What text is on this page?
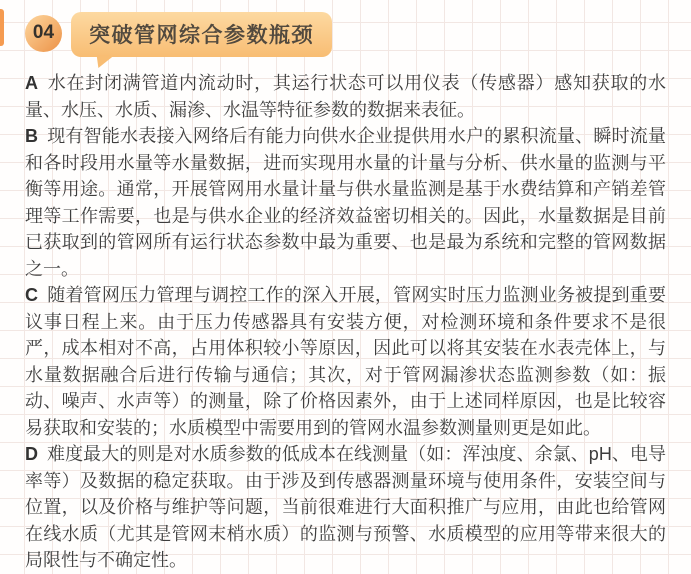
04	突破管网综合参数瓶颈

A 水在封闭满管道内流动时，其运行状态可以用仪表（传感器）感知获取的水量、水压、水质、漏渗、水温等特征参数的数据来表征。

B 现有智能水表接入网络后有能力向供水企业提供用水户的累积流量、瞬时流量和各时段用水量等水量数据，进而实现用水量的计量与分析、供水量的监测与平衡等用途。通常，开展管网用水量计量与供水量监测是基于水费结算和产销差管理等工作需要，也是与供水企业的经济效益密切相关的。因此，水量数据是目前已获取到的管网所有运行状态参数中最为重要、也是最为系统和完整的管网数据之一。

C 随着管网压力管理与调控工作的深入开展，管网实时压力监测业务被提到重要议事日程上来。由于压力传感器具有安装方便，对检测环境和条件要求不是很严，成本相对不高，占用体积较小等原因，因此可以将其安装在水表壳体上，与水量数据融合后进行传输与通信；其次，对于管网漏渗状态监测参数（如：振动、噪声、水声等）的测量，除了价格因素外，由于上述同样原因，也是比较容易获取和安装的；水质模型中需要用到的管网水温参数测量则更是如此。

D 难度最大的则是对水质参数的低成本在线测量（如：浑浊度、余氯、pH、电导率等）及数据的稳定获取。由于涉及到传感器测量环境与使用条件，安装空间与位置，以及价格与维护等问题，当前很难进行大面积推广与应用，由此也给管网在线水质（尤其是管网末梢水质）的监测与预警、水质模型的应用等带来很大的局限性与不确定性。
